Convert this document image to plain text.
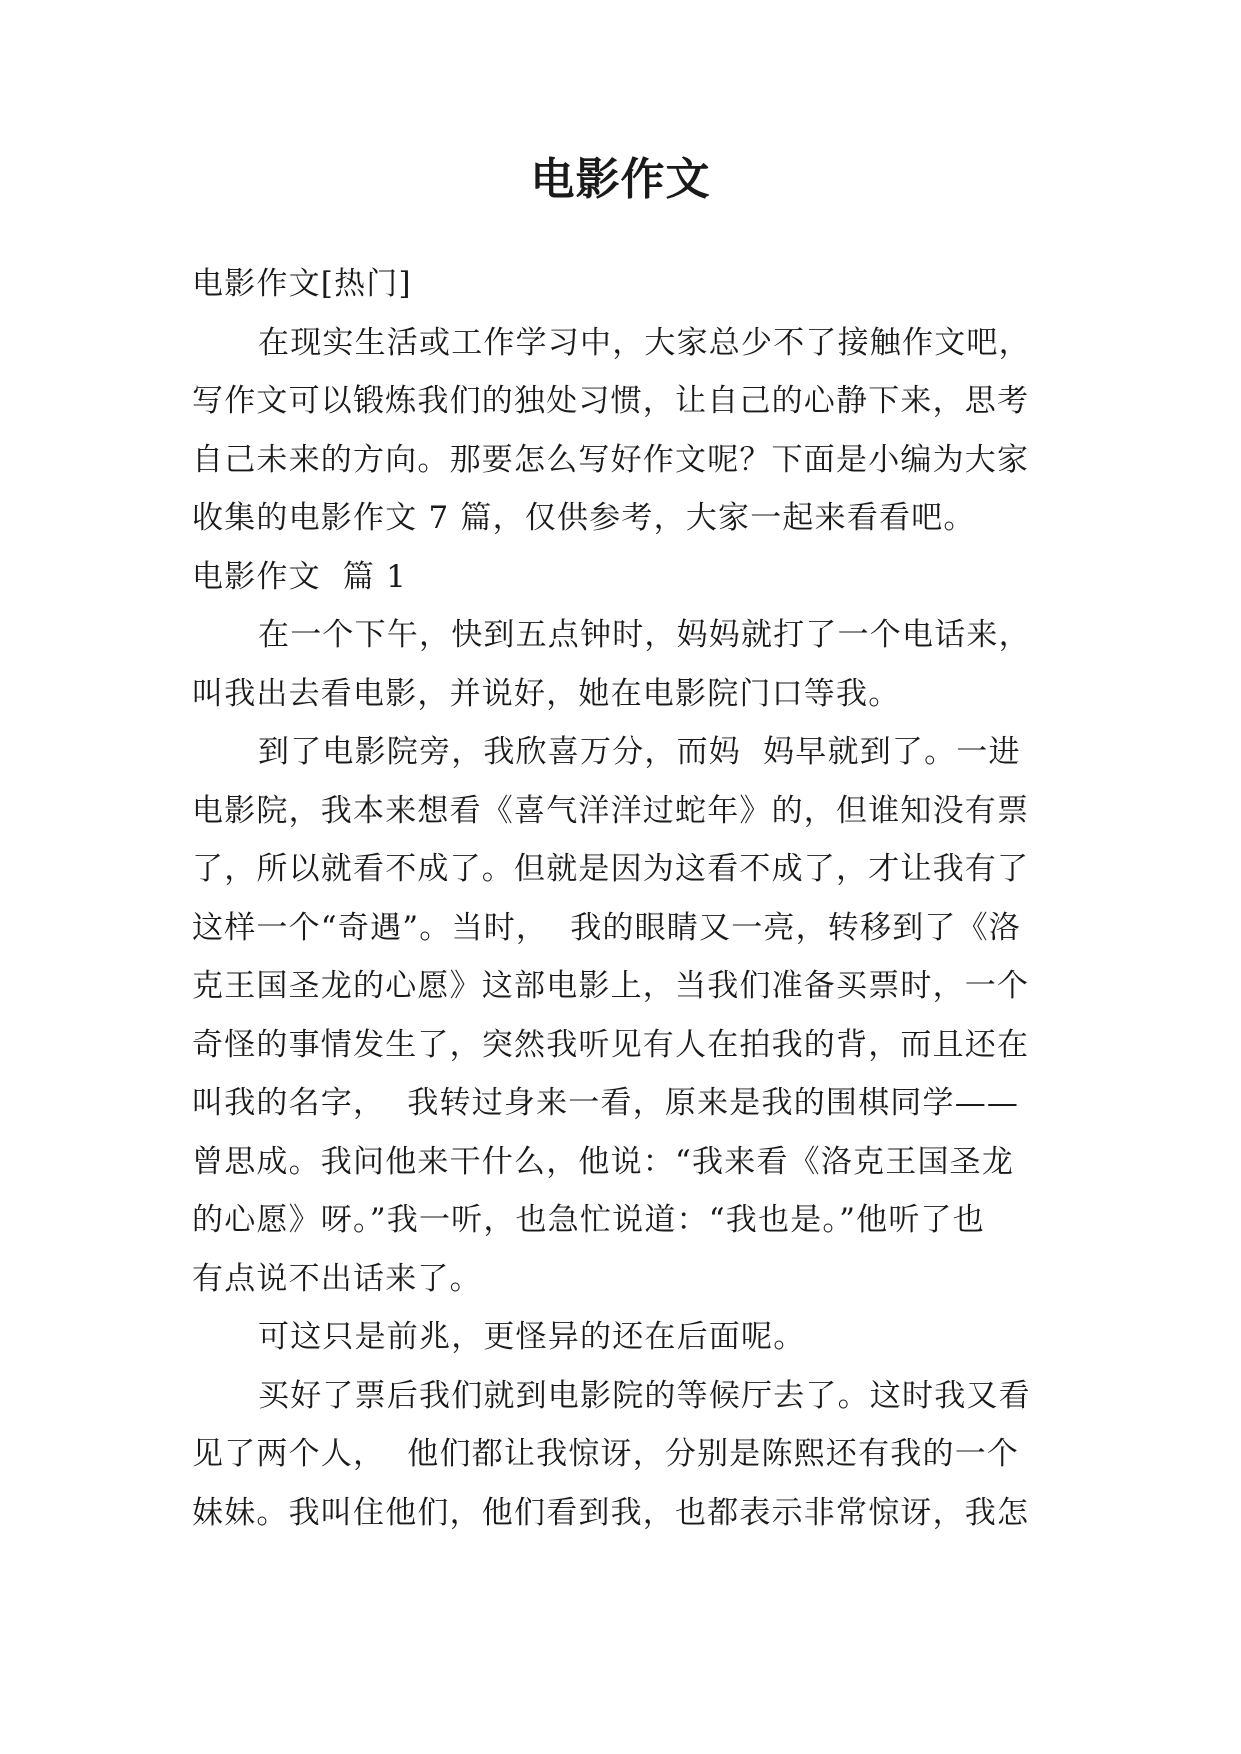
电影作文
电影作文[热门]
在现实生活或工作学习中，大家总少不了接触作文吧，
写作文可以锻炼我们的独处习惯，让自己的心静下来，思考
自己未来的方向。那要怎么写好作文呢？下面是小编为大家
收集的电影作文 7 篇，仅供参考，大家一起来看看吧。
电影作文  篇 1
在一个下午，快到五点钟时，妈妈就打了一个电话来，
叫我出去看电影，并说好，她在电影院门口等我。
到了电影院旁，我欣喜万分，而妈  妈早就到了。一进
电影院，我本来想看《喜气洋洋过蛇年》的，但谁知没有票
了，所以就看不成了。但就是因为这看不成了，才让我有了
这样一个“奇遇”。当时，  我的眼睛又一亮，转移到了《洛
克王国圣龙的心愿》这部电影上，当我们准备买票时，一个
奇怪的事情发生了，突然我听见有人在拍我的背，而且还在
叫我的名字，  我转过身来一看，原来是我的围棋同学——
曾思成。我问他来干什么，他说：“我来看《洛克王国圣龙
的心愿》呀。”我一听，也急忙说道：“我也是。”他听了也
有点说不出话来了。
可这只是前兆，更怪异的还在后面呢。
买好了票后我们就到电影院的等候厅去了。这时我又看
见了两个人，  他们都让我惊讶，分别是陈熙还有我的一个
妹妹。我叫住他们，他们看到我，也都表示非常惊讶，我怎
